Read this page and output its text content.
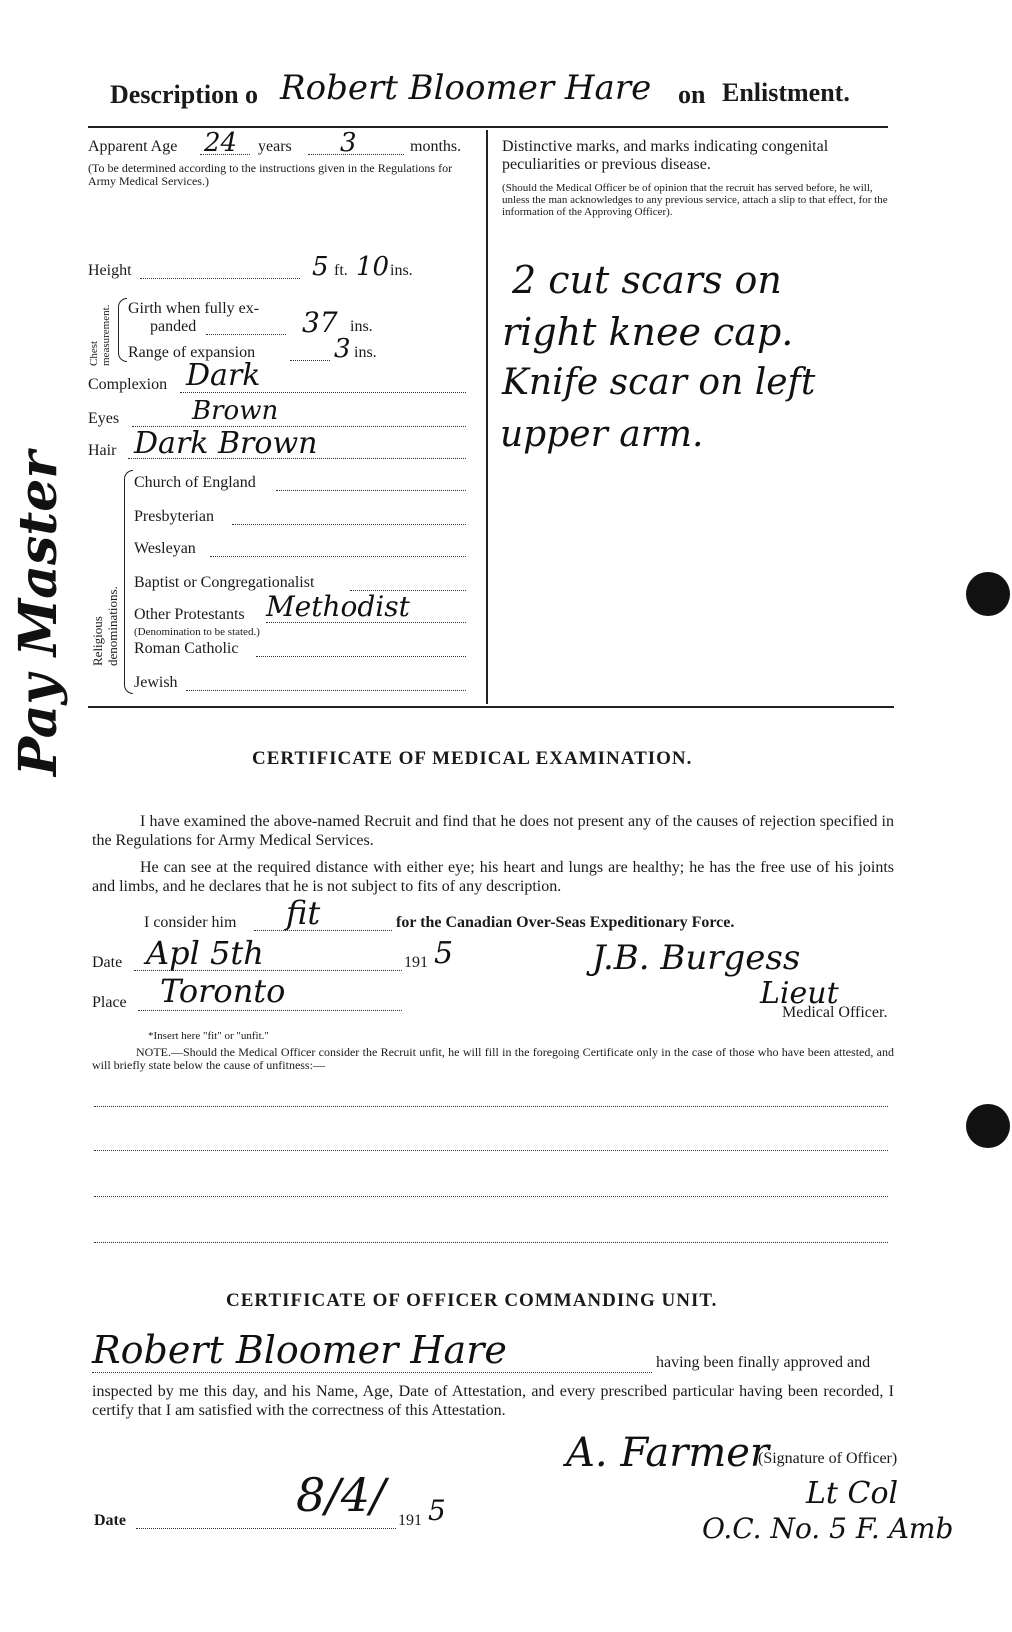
Description o Robert Bloomer Hare on Enlistment.
Apparent Age 24 years 3	months.
(To be determined according to the instructions given in the Regulations for Army Medical Services.)
Height	5 ft. 10 ins.
Chest measurement. Girth when fully ex-
panded	37 ins.
Range of expansion	3 ins.
Complexion Dark
Eyes	Brown
Hair Dark Brown
Religious denominations.
Church of England
Presbyterian
Wesleyan
Baptist or Congregationalist
Other Protestants Methodist
(Denomination to be stated.)
Roman Catholic
Jewish
Pay Master
Distinctive marks, and marks indicating congenital peculiarities or previous disease.
(Should the Medical Officer be of opinion that the recruit has served before, he will, unless the man acknowledges to any previous service, attach a slip to that effect, for the information of the Approving Officer).
2 cut scars on
right knee cap.
Knife scar on left
upper arm.
CERTIFICATE OF MEDICAL EXAMINATION.
I have examined the above-named Recruit and find that he does not present any of the causes of rejection specified in the Regulations for Army Medical Services.
He can see at the required distance with either eye; his heart and lungs are healthy; he has the free use of his joints and limbs, and he declares that he is not subject to fits of any description.
I consider him fit	for the Canadian Over-Seas Expeditionary Force.
Date Apl 5th	191 5
Place Toronto
J.B. Burgess
Lieut
Medical Officer.
*Insert here "fit" or "unfit."
NOTE.—Should the Medical Officer consider the Recruit unfit, he will fill in the foregoing Certificate only in the case of those who have been attested, and will briefly state below the cause of unfitness:—
CERTIFICATE OF OFFICER COMMANDING UNIT.
Robert Bloomer Hare	having been finally approved and
inspected by me this day, and his Name, Age, Date of Attestation, and every prescribed particular having been recorded, I certify that I am satisfied with the correctness of this Attestation.
A. Farmer
(Signature of Officer)
Lt Col
O.C. No. 5 F. Amb
Date	8/4/ 191 5
